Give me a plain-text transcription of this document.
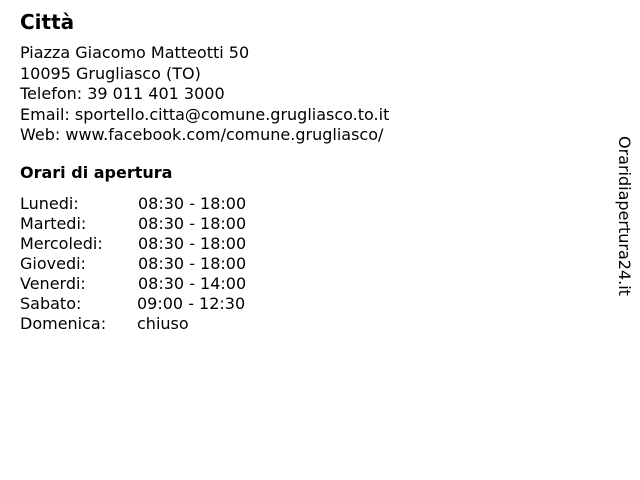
Città
Piazza Giacomo Matteotti 50
10095 Grugliasco (TO)
Telefon: 39 011 401 3000
Email: sportello.citta@comune.grugliasco.to.it
Web: www.facebook.com/comune.grugliasco/
Orari di apertura
Lunedi:	08:30 - 18:00
Martedi:	08:30 - 18:00
Mercoledi: 08:30 - 18:00
Giovedi:	08:30 - 18:00
Venerdi:	08:30 - 14:00
Sabato:	09:00 - 12:30
Domenica: chiuso
Oraridiapertura24.it
